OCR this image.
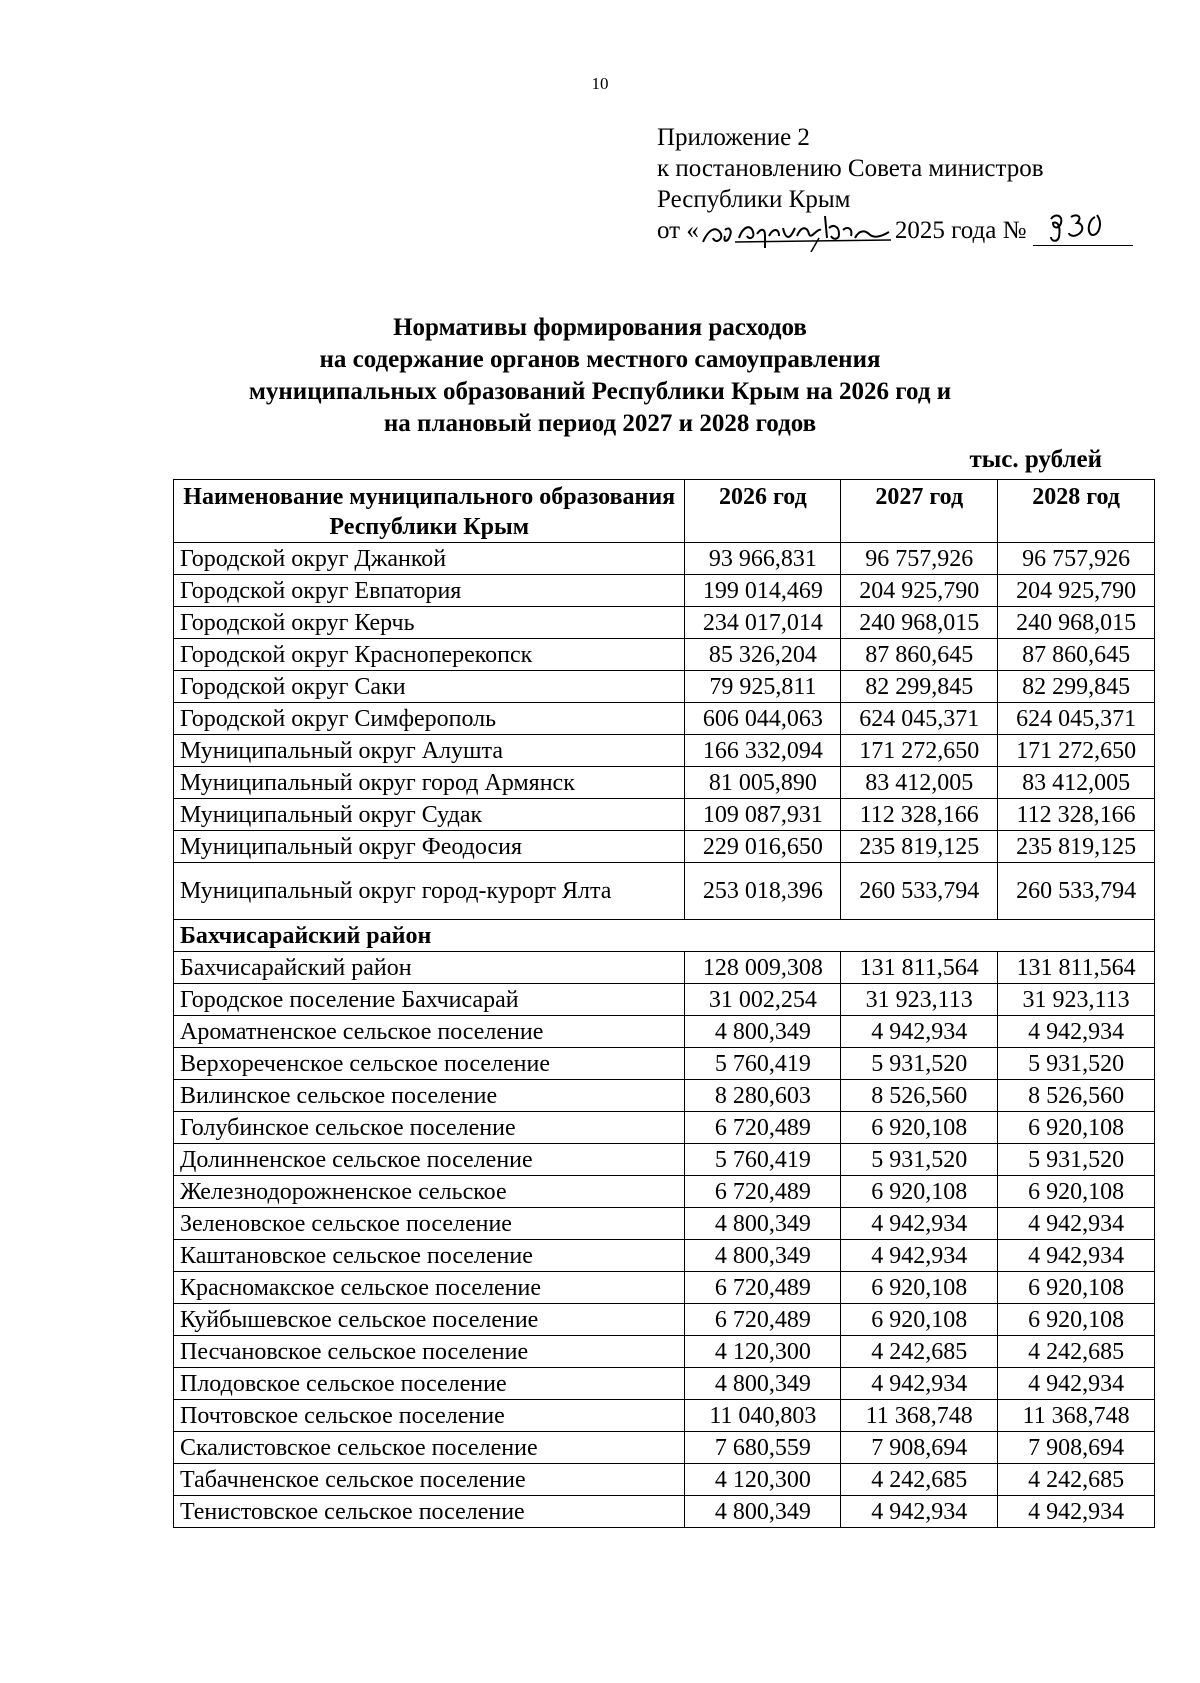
10
Приложение 2
к постановлению Совета министров
Республики Крым
от «	2025 года №
Нормативы формирования расходов
на содержание органов местного самоуправления
муниципальных образований Республики Крым на 2026 год и
на плановый период 2027 и 2028 годов
тыс. рублей
Наименование муниципального образования Республики Крым	2026 год	2027 год	2028 год
Городской округ Джанкой	93 966,831	96 757,926	96 757,926
Городской округ Евпатория	199 014,469	204 925,790	204 925,790
Городской округ Керчь	234 017,014	240 968,015	240 968,015
Городской округ Красноперекопск	85 326,204	87 860,645	87 860,645
Городской округ Саки	79 925,811	82 299,845	82 299,845
Городской округ Симферополь	606 044,063	624 045,371	624 045,371
Муниципальный округ Алушта	166 332,094	171 272,650	171 272,650
Муниципальный округ город Армянск	81 005,890	83 412,005	83 412,005
Муниципальный округ Судак	109 087,931	112 328,166	112 328,166
Муниципальный округ Феодосия	229 016,650	235 819,125	235 819,125
Муниципальный округ город-курорт Ялта	253 018,396	260 533,794	260 533,794
Бахчисарайский район			
Бахчисарайский район	128 009,308	131 811,564	131 811,564
Городское поселение Бахчисарай	31 002,254	31 923,113	31 923,113
Ароматненское сельское поселение	4 800,349	4 942,934	4 942,934
Верхореченское сельское поселение	5 760,419	5 931,520	5 931,520
Вилинское сельское поселение	8 280,603	8 526,560	8 526,560
Голубинское сельское поселение	6 720,489	6 920,108	6 920,108
Долинненское сельское поселение	5 760,419	5 931,520	5 931,520
Железнодорожненское сельское	6 720,489	6 920,108	6 920,108
Зеленовское сельское поселение	4 800,349	4 942,934	4 942,934
Каштановское сельское поселение	4 800,349	4 942,934	4 942,934
Красномакское сельское поселение	6 720,489	6 920,108	6 920,108
Куйбышевское сельское поселение	6 720,489	6 920,108	6 920,108
Песчановское сельское поселение	4 120,300	4 242,685	4 242,685
Плодовское сельское поселение	4 800,349	4 942,934	4 942,934
Почтовское сельское поселение	11 040,803	11 368,748	11 368,748
Скалистовское сельское поселение	7 680,559	7 908,694	7 908,694
Табачненское сельское поселение	4 120,300	4 242,685	4 242,685
Тенистовское сельское поселение	4 800,349	4 942,934	4 942,934
